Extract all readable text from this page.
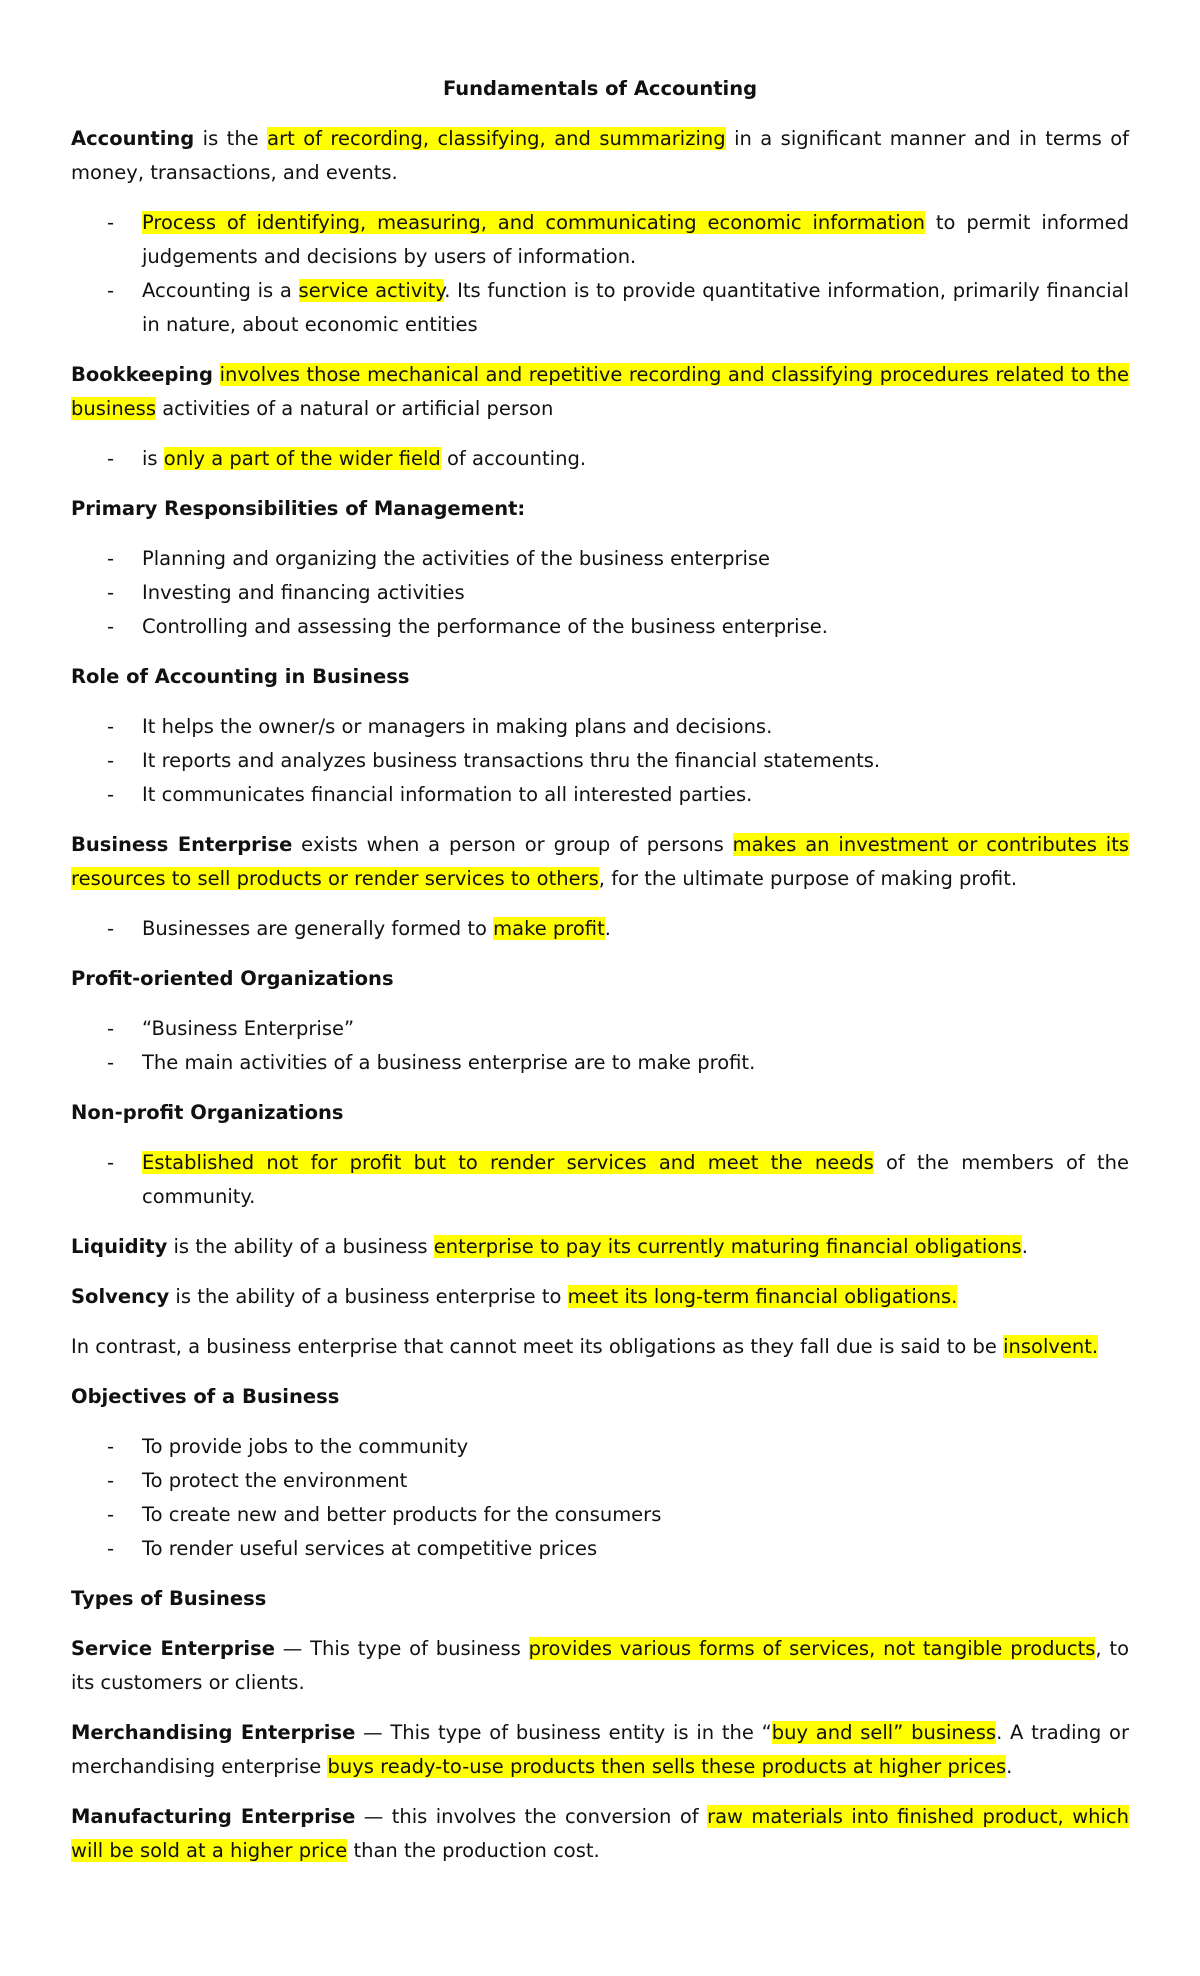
Fundamentals of Accounting

Accounting is the art of recording, classifying, and summarizing in a significant manner and in terms of money, transactions, and events.

- Process of identifying, measuring, and communicating economic information to permit informed judgements and decisions by users of information.
- Accounting is a service activity. Its function is to provide quantitative information, primarily financial in nature, about economic entities

Bookkeeping involves those mechanical and repetitive recording and classifying procedures related to the business activities of a natural or artificial person

- is only a part of the wider field of accounting.
Primary Responsibilities of Management:
- Planning and organizing the activities of the business enterprise
- Investing and financing activities
- Controlling and assessing the performance of the business enterprise.
Role of Accounting in Business
- It helps the owner/s or managers in making plans and decisions.
- It reports and analyzes business transactions thru the financial statements.
- It communicates financial information to all interested parties.

Business Enterprise exists when a person or group of persons makes an investment or contributes its resources to sell products or render services to others, for the ultimate purpose of making profit.

- Businesses are generally formed to make profit.
Profit-oriented Organizations
- “Business Enterprise”
- The main activities of a business enterprise are to make profit.
Non-profit Organizations
- Established not for profit but to render services and meet the needs of the members of the community.

Liquidity is the ability of a business enterprise to pay its currently maturing financial obligations.

Solvency is the ability of a business enterprise to meet its long-term financial obligations.

In contrast, a business enterprise that cannot meet its obligations as they fall due is said to be insolvent.

Objectives of a Business
- To provide jobs to the community
- To protect the environment
- To create new and better products for the consumers
- To render useful services at competitive prices
Types of Business

Service Enterprise — This type of business provides various forms of services, not tangible products, to its customers or clients.

Merchandising Enterprise — This type of business entity is in the “buy and sell” business. A trading or merchandising enterprise buys ready-to-use products then sells these products at higher prices.

Manufacturing Enterprise — this involves the conversion of raw materials into finished product, which will be sold at a higher price than the production cost.
